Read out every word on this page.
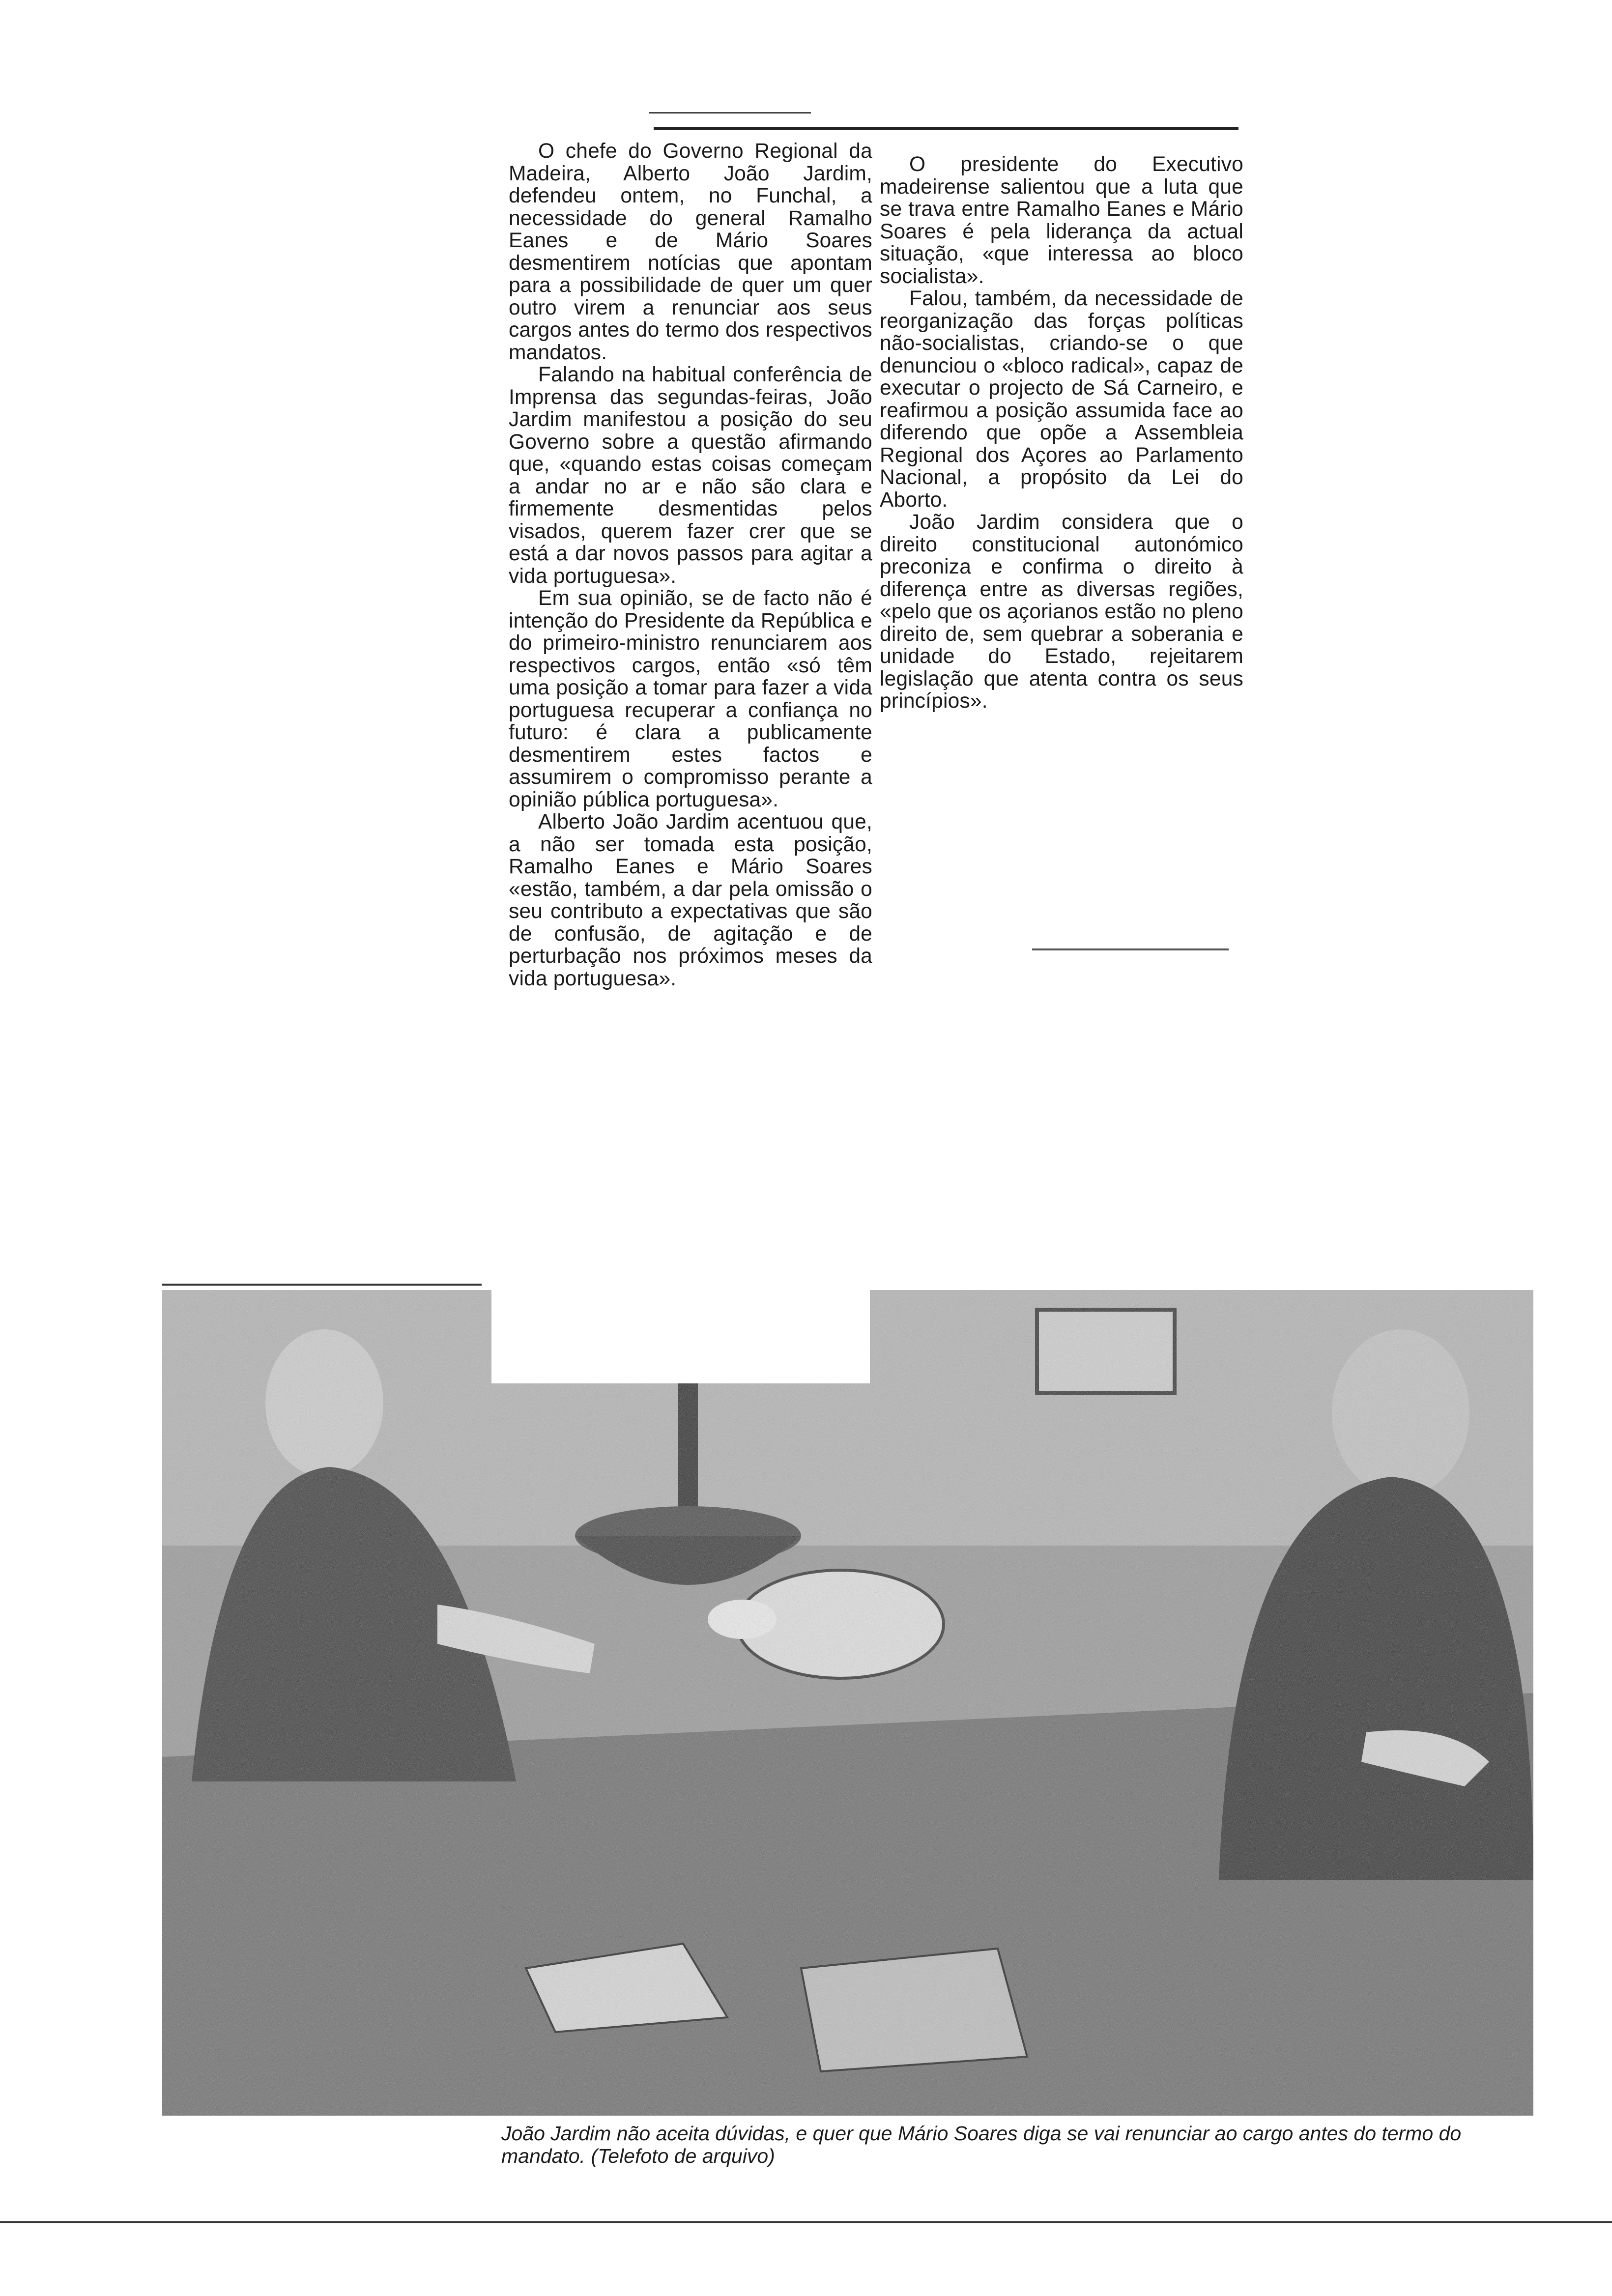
O chefe do Governo Regional da Madeira, Alberto João Jardim, defendeu ontem, no Funchal, a necessidade do general Ramalho Eanes e de Mário Soares desmentirem notícias que apontam para a possibilidade de quer um quer outro virem a renunciar aos seus cargos antes do termo dos respectivos mandatos.

Falando na habitual conferência de Imprensa das segundas-feiras, João Jardim manifestou a posição do seu Governo sobre a questão afirmando que, «quando estas coisas começam a andar no ar e não são clara e firmemente desmentidas pelos visados, querem fazer crer que se está a dar novos passos para agitar a vida portuguesa».

Em sua opinião, se de facto não é intenção do Presidente da República e do primeiro-ministro renunciarem aos respectivos cargos, então «só têm uma posição a tomar para fazer a vida portuguesa recuperar a confiança no futuro: é clara a publicamente desmentirem estes factos e assumirem o compromisso perante a opinião pública portuguesa».

Alberto João Jardim acentuou que, a não ser tomada esta posição, Ramalho Eanes e Mário Soares «estão, também, a dar pela omissão o seu contributo a expectativas que são de confusão, de agitação e de perturbação nos próximos meses da vida portuguesa».

O presidente do Executivo madeirense salientou que a luta que se trava entre Ramalho Eanes e Mário Soares é pela liderança da actual situação, «que interessa ao bloco socialista».

Falou, também, da necessidade de reorganização das forças políticas não-socialistas, criando-se o que denunciou o «bloco radical», capaz de executar o projecto de Sá Carneiro, e reafirmou a posição assumida face ao diferendo que opõe a Assembleia Regional dos Açores ao Parlamento Nacional, a propósito da Lei do Aborto.

João Jardim considera que o direito constitucional autonómico preconiza e confirma o direito à diferença entre as diversas regiões, «pelo que os açorianos estão no pleno direito de, sem quebrar a soberania e unidade do Estado, rejeitarem legislação que atenta contra os seus princípios».

João Jardim não aceita dúvidas, e quer que Mário Soares diga se vai renunciar ao cargo antes do termo do mandato. (Telefoto de arquivo)
